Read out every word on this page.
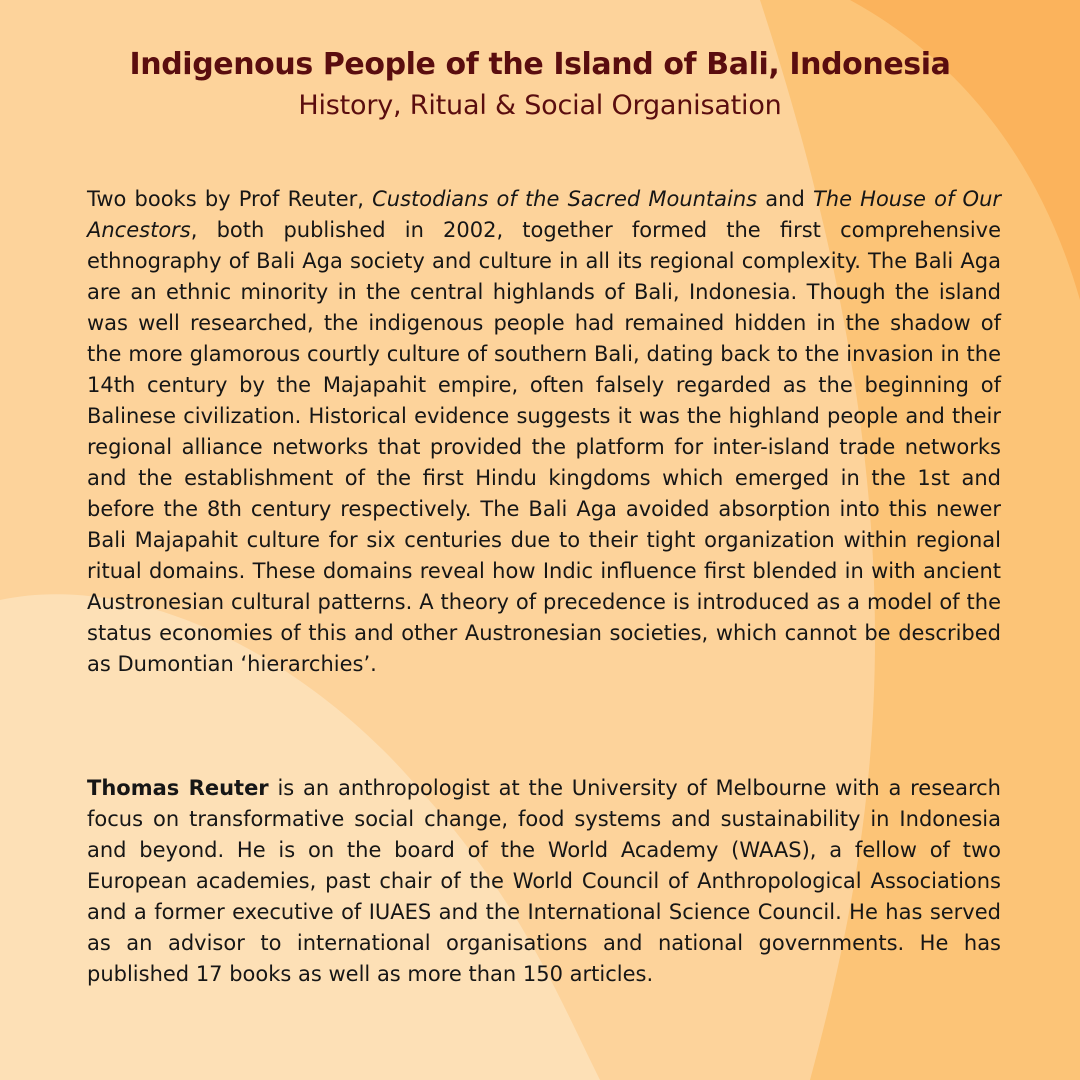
Indigenous People of the Island of Bali, Indonesia
History, Ritual & Social Organisation

Two books by Prof Reuter, Custodians of the Sacred Mountains and The House of Our Ancestors, both published in 2002, together formed the first comprehensive ethnography of Bali Aga society and culture in all its regional complexity. The Bali Aga are an ethnic minority in the central highlands of Bali, Indonesia. Though the island was well researched, the indigenous people had remained hidden in the shadow of the more glamorous courtly culture of southern Bali, dating back to the invasion in the 14th century by the Majapahit empire, often falsely regarded as the beginning of Balinese civilization. Historical evidence suggests it was the highland people and their regional alliance networks that provided the platform for inter-island trade networks and the establishment of the first Hindu kingdoms which emerged in the 1st and before the 8th century respectively. The Bali Aga avoided absorption into this newer Bali Majapahit culture for six centuries due to their tight organization within regional ritual domains. These domains reveal how Indic influence first blended in with ancient Austronesian cultural patterns. A theory of precedence is introduced as a model of the status economies of this and other Austronesian societies, which cannot be described as Dumontian ‘hierarchies’.

Thomas Reuter is an anthropologist at the University of Melbourne with a research focus on transformative social change, food systems and sustainability in Indonesia and beyond. He is on the board of the World Academy (WAAS), a fellow of two European academies, past chair of the World Council of Anthropological Associations and a former executive of IUAES and the International Science Council. He has served as an advisor to international organisations and national governments. He has published 17 books as well as more than 150 articles.
